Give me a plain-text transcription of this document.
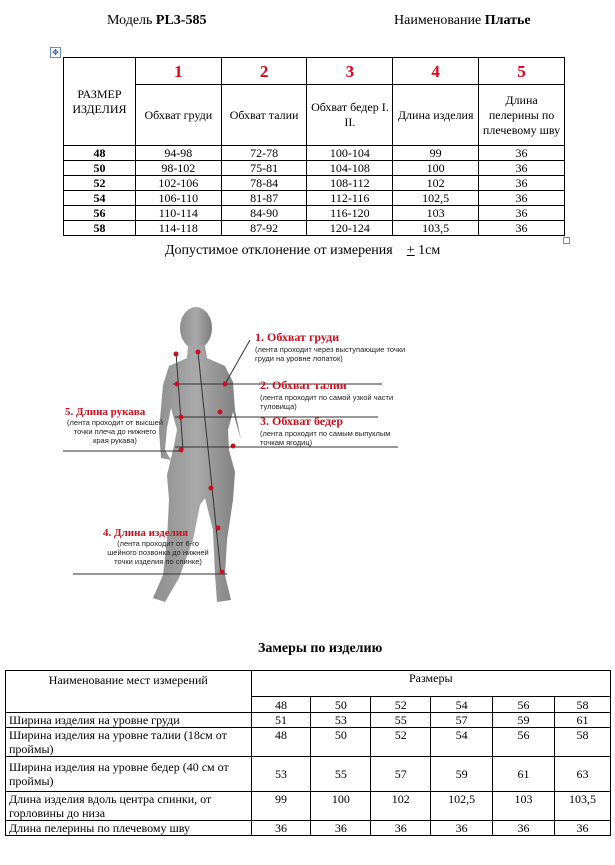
Модель PL3-585	Наименование Платье
✥
РАЗМЕР ИЗДЕЛИЯ	1	2	3	4	5
	Обхват груди	Обхват талии	Обхват бедер I. II.	Длина изделия	Длина пелерины по плечевому шву
48	94-98	72-78	100-104	99	36
50	98-102	75-81	104-108	100	36
52	102-106	78-84	108-112	102	36
54	106-110	81-87	112-116	102,5	36
56	110-114	84-90	116-120	103	36
58	114-118	87-92	120-124	103,5	36
Допустимое отклонение от измерения + 1см
1. Обхват груди
(лента проходит через выступающие точки груди на уровне лопаток)
2. Обхват талии
(лента проходит по самой узкой части туловища)
3. Обхват бедер
(лента проходит по самым выпуклым точкам ягодиц)
5. Длина рукава
(лента проходит от высшей точки плеча до нижнего края рукава)
4. Длина изделия
(лента проходит от 6-го шейного позвонка до нижней точки изделия по спинке)
Замеры по изделию
Наименование мест измерений	Размеры					
	48	50	52	54	56	58
Ширина изделия на уровне груди	51	53	55	57	59	61
Ширина изделия на уровне талии (18см от проймы)	48	50	52	54	56	58
Ширина изделия на уровне бедер (40 см от проймы)	53	55	57	59	61	63
Длина изделия вдоль центра спинки, от горловины до низа	99	100	102	102,5	103	103,5
Длина пелерины по плечевому шву	36	36	36	36	36	36
